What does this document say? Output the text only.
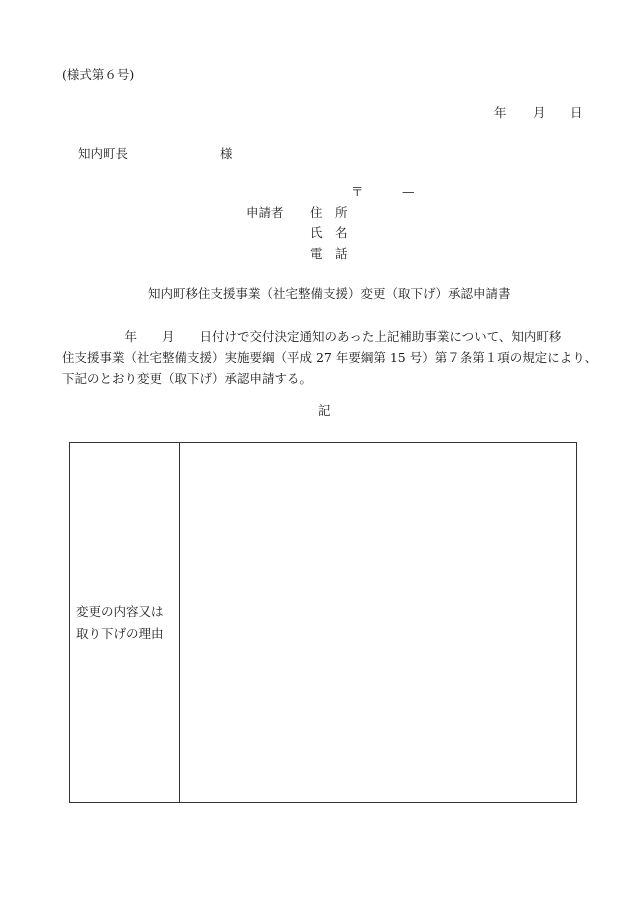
(様式第６号)
年 月 日
知内町長	様
〒	—
申請者 住　所
氏　名
電　話
知内町移住支援事業（社宅整備支援）変更（取下げ）承認申請書
　　　　　年　　月　　日付けで交付決定通知のあった上記補助事業について、知内町移
住支援事業（社宅整備支援）実施要綱（平成 27 年要綱第 15 号）第７条第１項の規定により、
下記のとおり変更（取下げ）承認申請する。
記
変更の内容又は
取り下げの理由
